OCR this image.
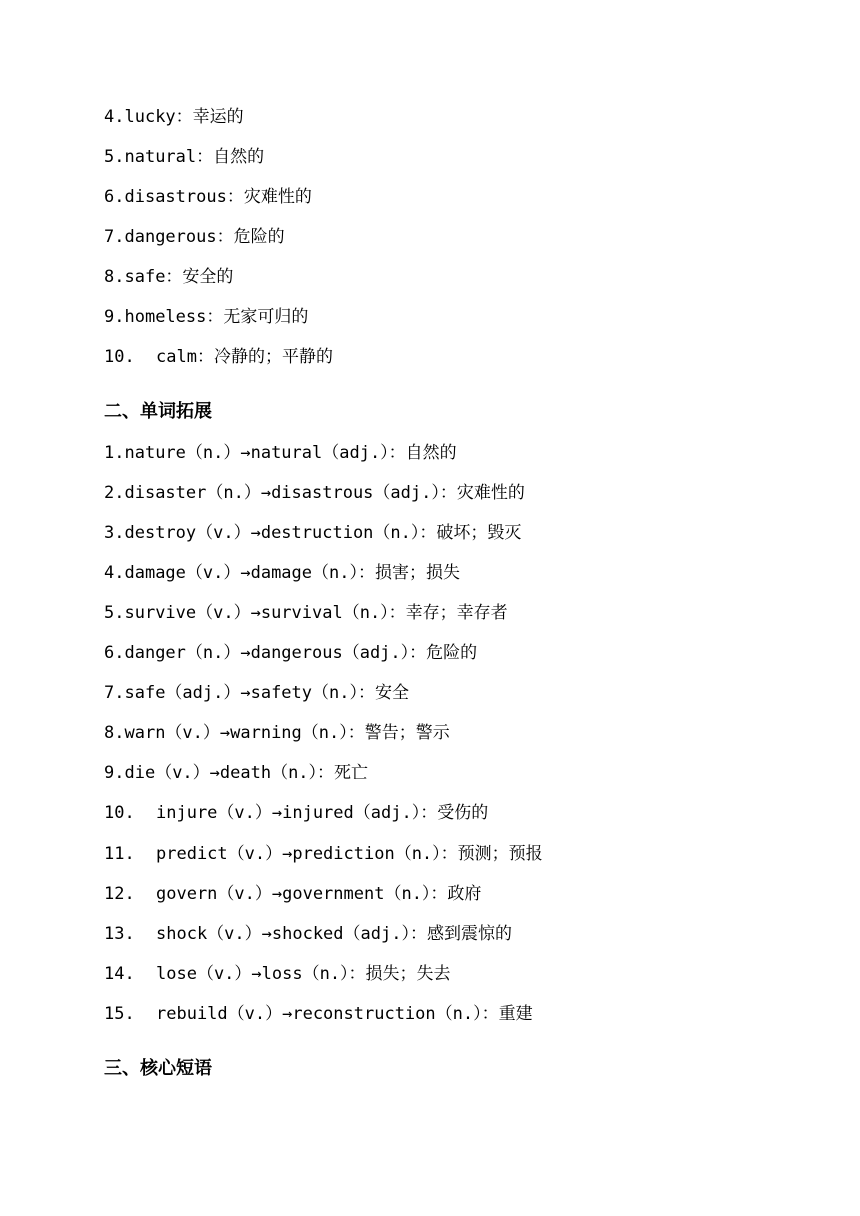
4.lucky：幸运的
5.natural：自然的
6.disastrous：灾难性的
7.dangerous：危险的
8.safe：安全的
9.homeless：无家可归的
10. calm：冷静的；平静的
二、单词拓展
1.nature（n.）→natural（adj.）：自然的
2.disaster（n.）→disastrous（adj.）：灾难性的
3.destroy（v.）→destruction（n.）：破坏；毁灭
4.damage（v.）→damage（n.）：损害；损失
5.survive（v.）→survival（n.）：幸存；幸存者
6.danger（n.）→dangerous（adj.）：危险的
7.safe（adj.）→safety（n.）：安全
8.warn（v.）→warning（n.）：警告；警示
9.die（v.）→death（n.）：死亡
10. injure（v.）→injured（adj.）：受伤的
11. predict（v.）→prediction（n.）：预测；预报
12. govern（v.）→government（n.）：政府
13. shock（v.）→shocked（adj.）：感到震惊的
14. lose（v.）→loss（n.）：损失；失去
15. rebuild（v.）→reconstruction（n.）：重建
三、核心短语
